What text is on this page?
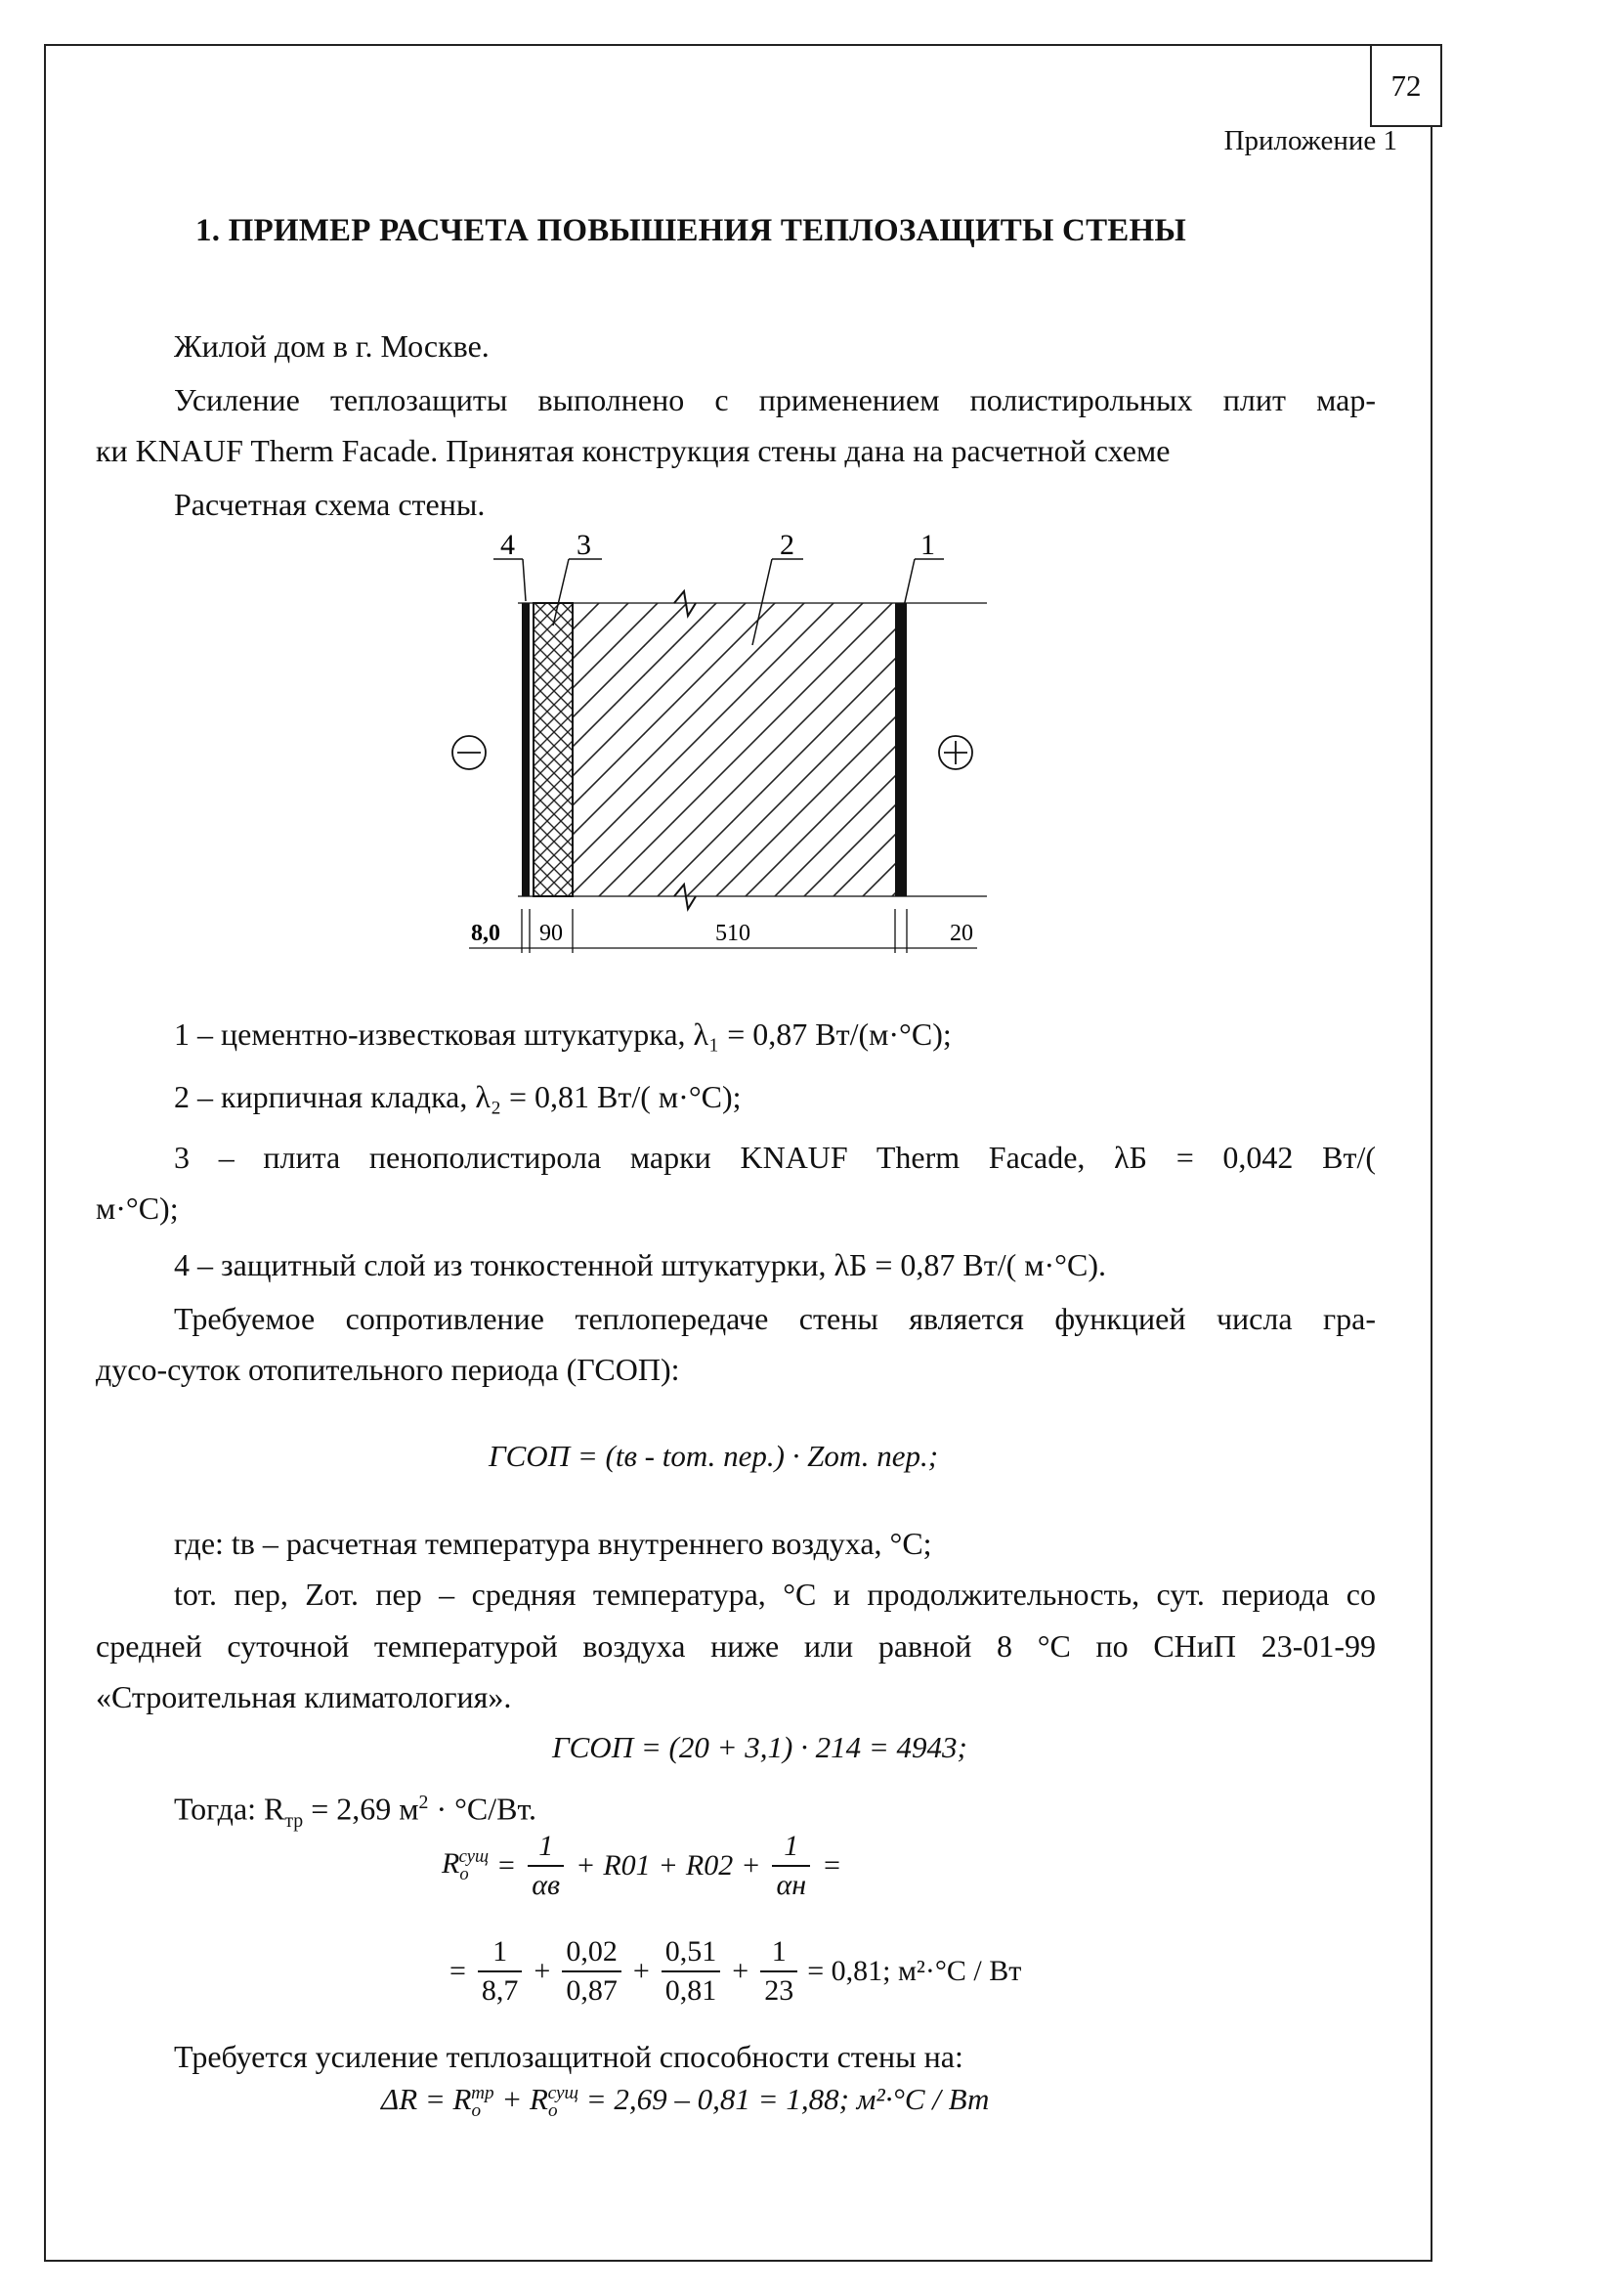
72
Приложение 1
1. ПРИМЕР РАСЧЕТА ПОВЫШЕНИЯ ТЕПЛОЗАЩИТЫ СТЕНЫ
Жилой дом в г. Москве.
Усиление теплозащиты выполнено с применением полистирольных плит мар-
ки KNAUF Therm Facade. Принятая конструкция стены дана на расчетной схеме
Расчетная схема стены.
4 3	2	1
8,0 90	510	20
1 – цементно-известковая штукатурка, λ₁ = 0,87 Вт/(м·°С);
2 – кирпичная кладка, λ₂ = 0,81 Вт/( м·°С);
3 – плита пенополистирола марки KNAUF Therm Facade, λБ = 0,042 Вт/(
м·°С);
4 – защитный слой из тонкостенной штукатурки, λБ = 0,87 Вт/( м·°С).
Требуемое сопротивление теплопередаче стены является функцией числа гра-
дусо-суток отопительного периода (ГСОП):
ГСОП = (tв - tот. пер.) · Zот. пер.;
где: tв – расчетная температура внутреннего воздуха, °С;
tот. пер, Zот. пер – средняя температура, °С и продолжительность, сут. периода со
средней суточной температурой воздуха ниже или равной 8 °С по СНиП 23-01-99
«Строительная климатология».
ГСОП = (20 + 3,1) · 214 = 4943;
Тогда: $R_{тр} = 2,69$ $м^2 \cdot ^\circ С/Вт$.
$R_o^{сущ} = \frac{1}{\alpha в} + R01 + R02 + \frac{1}{\alpha н}$ =
= $\frac{1}{8,7} + \frac{0,02}{0,87} + \frac{0,51}{0,81} + \frac{1}{23} = 0,81$; м²·°С / Вт
Требуется усиление теплозащитной способности стены на:
$\Delta R = R_o^{тр} + R_o^{сущ} = 2,69 - 0,81 = 1,88$; м²·°С / Вт
